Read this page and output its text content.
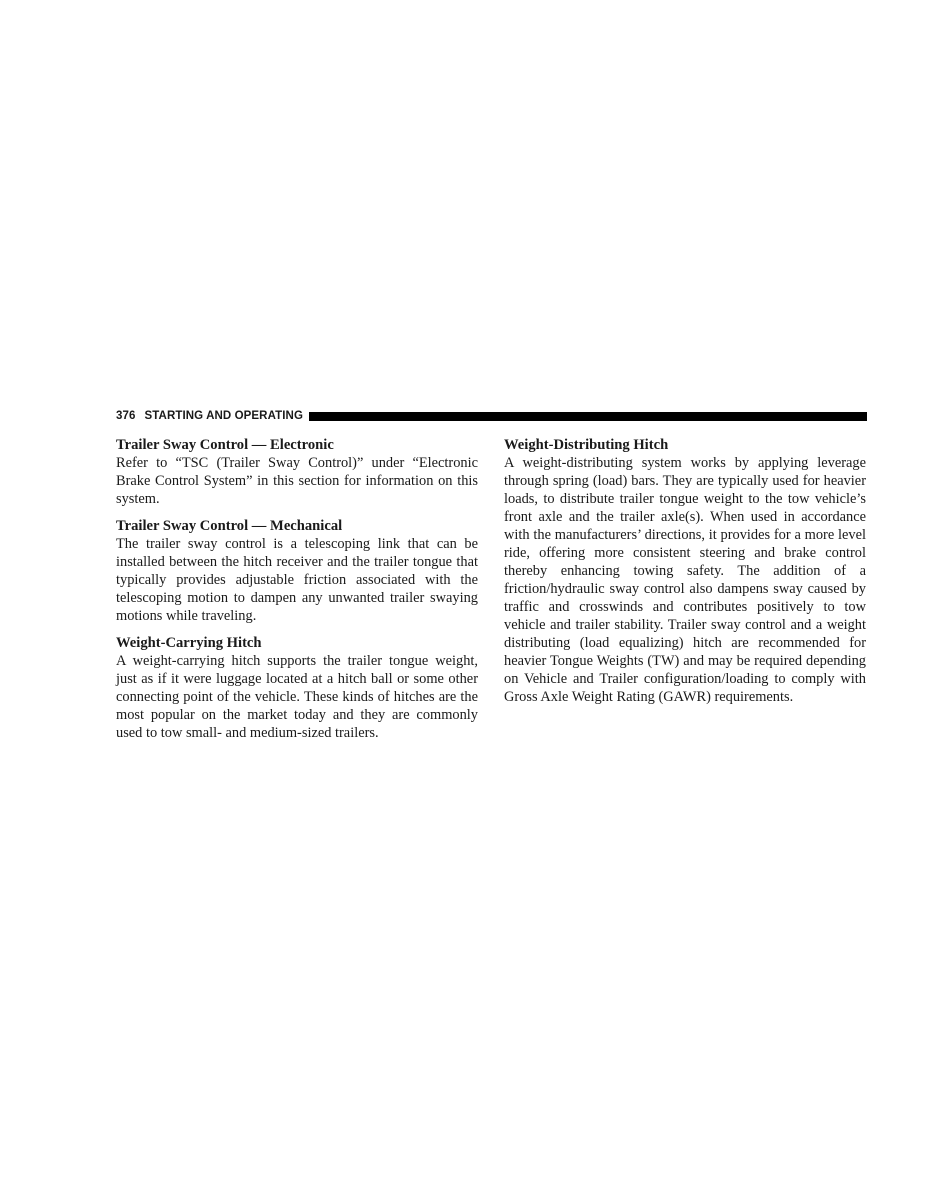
376 STARTING AND OPERATING
Trailer Sway Control — Electronic

Refer to “TSC (Trailer Sway Control)” under “Electronic Brake Control System” in this section for information on this system.

Trailer Sway Control — Mechanical

The trailer sway control is a telescoping link that can be installed between the hitch receiver and the trailer tongue that typically provides adjustable friction associated with the telescoping motion to dampen any unwanted trailer swaying motions while traveling.

Weight-Carrying Hitch

A weight-carrying hitch supports the trailer tongue weight, just as if it were luggage located at a hitch ball or some other connecting point of the vehicle. These kinds of hitches are the most popular on the market today and they are commonly used to tow small- and medium-sized trailers.

Weight-Distributing Hitch

A weight-distributing system works by applying leverage through spring (load) bars. They are typically used for heavier loads, to distribute trailer tongue weight to the tow vehicle’s front axle and the trailer axle(s). When used in accordance with the manufacturers’ directions, it provides for a more level ride, offering more consistent steering and brake control thereby enhancing towing safety. The addition of a friction/hydraulic sway control also dampens sway caused by traffic and crosswinds and contributes positively to tow vehicle and trailer stability. Trailer sway control and a weight distributing (load equalizing) hitch are recommended for heavier Tongue Weights (TW) and may be required depending on Vehicle and Trailer configuration/loading to comply with Gross Axle Weight Rating (GAWR) requirements.
